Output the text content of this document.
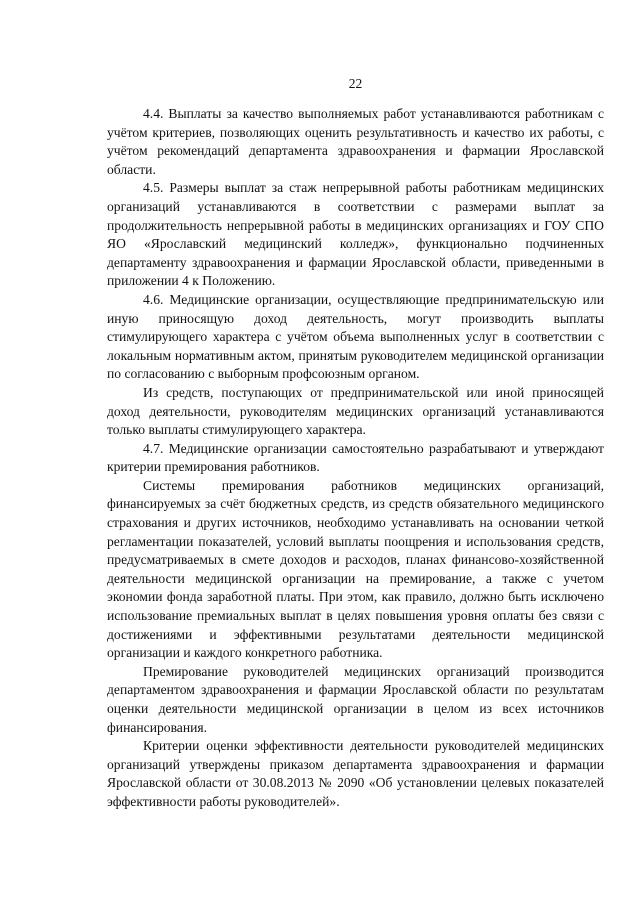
22

4.4. Выплаты за качество выполняемых работ устанавливаются работникам с учётом критериев, позволяющих оценить результативность и качество их работы, с учётом рекомендаций департамента здравоохранения и фармации Ярославской области.

4.5. Размеры выплат за стаж непрерывной работы работникам медицинских организаций устанавливаются в соответствии с размерами выплат за продолжительность непрерывной работы в медицинских организациях и ГОУ СПО ЯО «Ярославский медицинский колледж», функционально подчиненных департаменту здравоохранения и фармации Ярославской области, приведенными в приложении 4 к Положению.

4.6. Медицинские организации, осуществляющие предпринимательскую или иную приносящую доход деятельность, могут производить выплаты стимулирующего характера с учётом объема выполненных услуг в соответствии с локальным нормативным актом, принятым руководителем медицинской организации по согласованию с выборным профсоюзным органом.

Из средств, поступающих от предпринимательской или иной приносящей доход деятельности, руководителям медицинских организаций устанавливаются только выплаты стимулирующего характера.

4.7. Медицинские организации самостоятельно разрабатывают и утверждают критерии премирования работников.

Системы премирования работников медицинских организаций, финансируемых за счёт бюджетных средств, из средств обязательного медицинского страхования и других источников, необходимо устанавливать на основании четкой регламентации показателей, условий выплаты поощрения и использования средств, предусматриваемых в смете доходов и расходов, планах финансово-хозяйственной деятельности медицинской организации на премирование, а также с учетом экономии фонда заработной платы. При этом, как правило, должно быть исключено использование премиальных выплат в целях повышения уровня оплаты без связи с достижениями и эффективными результатами деятельности медицинской организации и каждого конкретного работника.

Премирование руководителей медицинских организаций производится департаментом здравоохранения и фармации Ярославской области по результатам оценки деятельности медицинской организации в целом из всех источников финансирования.

Критерии оценки эффективности деятельности руководителей медицинских организаций утверждены приказом департамента здравоохранения и фармации Ярославской области от 30.08.2013 № 2090 «Об установлении целевых показателей эффективности работы руководителей».
